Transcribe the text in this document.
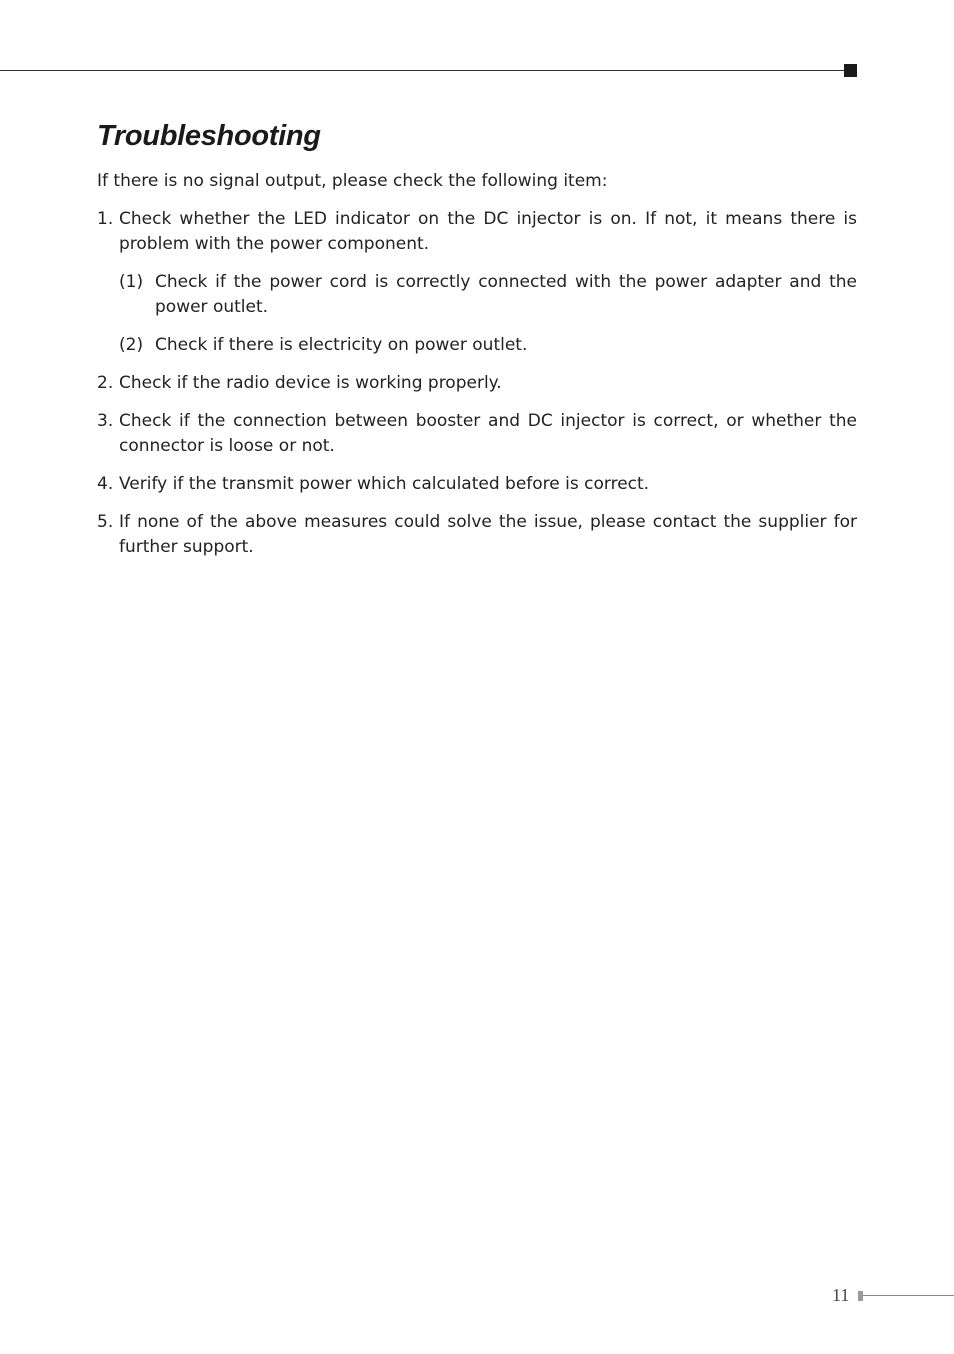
Troubleshooting

If there is no signal output, please check the following item:

1. Check whether the LED indicator on the DC injector is on. If not, it means there is problem with the power component.
(1) Check if the power cord is correctly connected with the power adapter and the power outlet.
(2) Check if there is electricity on power outlet.
2. Check if the radio device is working properly.
3. Check if the connection between booster and DC injector is correct, or whether the connector is loose or not.
4. Verify if the transmit power which calculated before is correct.
5. If none of the above measures could solve the issue, please contact the supplier for further support.
11
